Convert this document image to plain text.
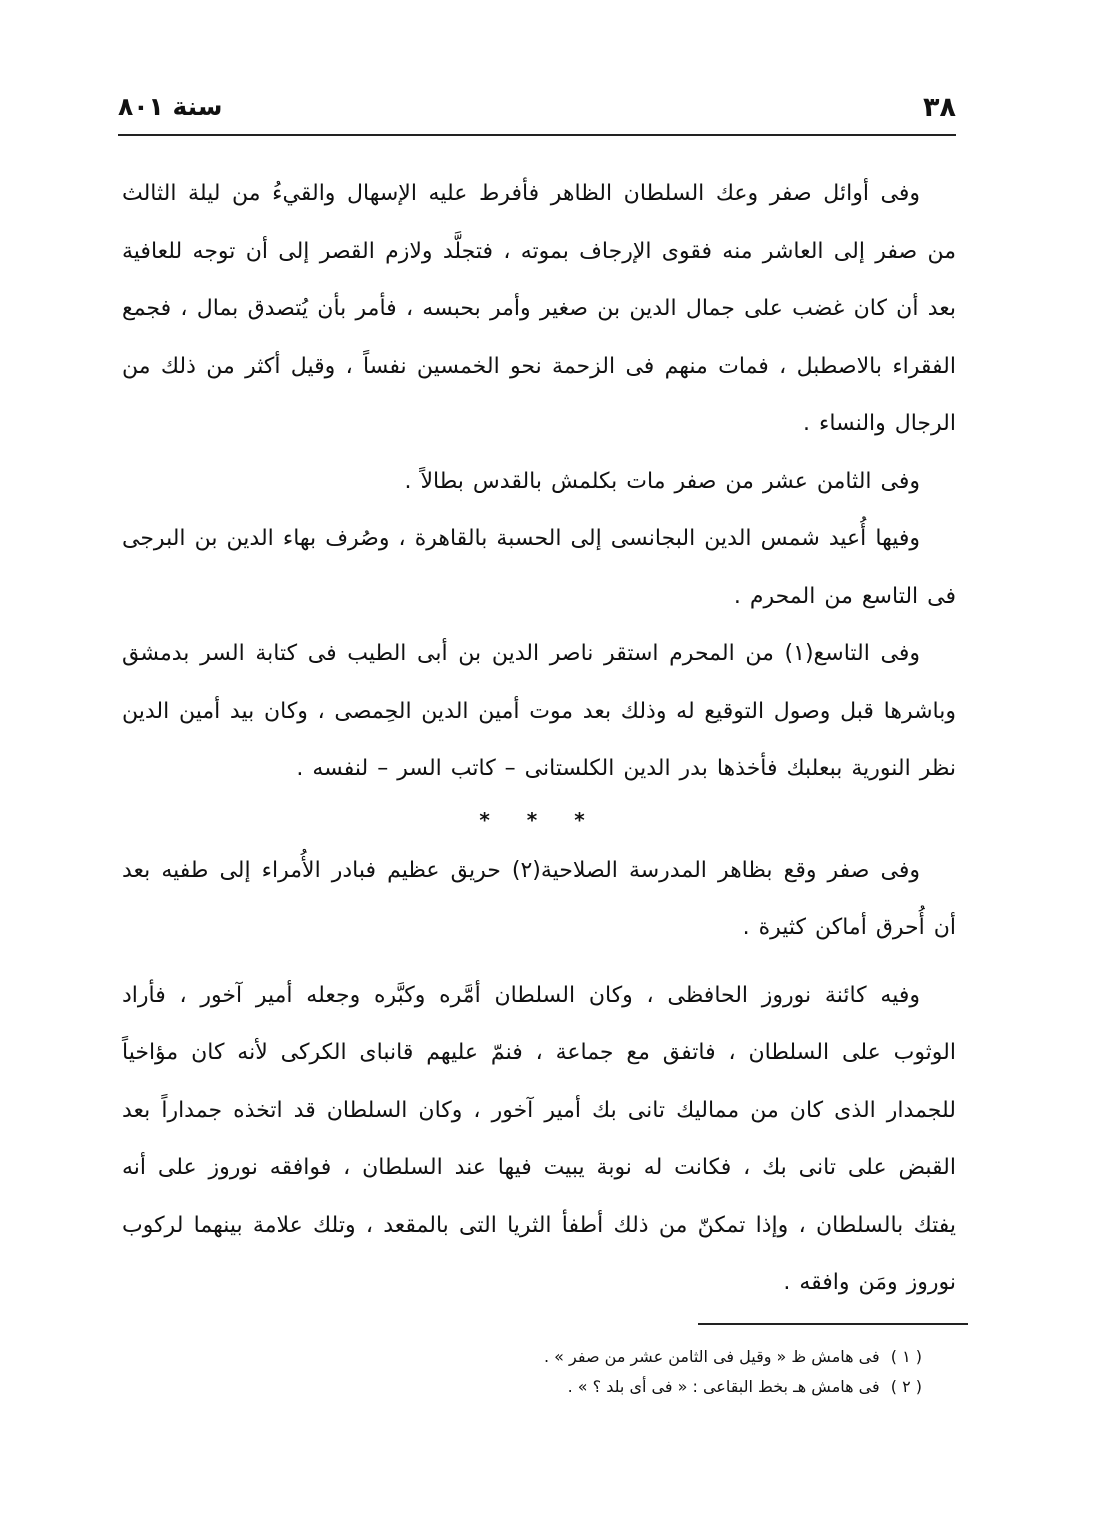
٣٨
سنة ٨٠١

وفى أوائل صفر وعك السلطان الظاهر فأفرط عليه الإسهال والقيءُ من ليلة الثالث من صفر إلى العاشر منه فقوى الإرجاف بموته ، فتجلَّد ولازم القصر إلى أن توجه للعافية بعد أن كان غضب على جمال الدين بن صغير وأمر بحبسه ، فأمر بأن يُتصدق بمال ، فجمع الفقراء بالاصطبل ، فمات منهم فى الزحمة نحو الخمسين نفساً ، وقيل أكثر من ذلك من الرجال والنساء .

وفى الثامن عشر من صفر مات بكلمش بالقدس بطالاً .

وفيها أُعيد شمس الدين البجانسى إلى الحسبة بالقاهرة ، وصُرف بهاء الدين بن البرجى فى التاسع من المحرم .

وفى التاسع(١) من المحرم استقر ناصر الدين بن أبى الطيب فى كتابة السر بدمشق وباشرها قبل وصول التوقيع له وذلك بعد موت أمين الدين الحِمصى ، وكان بيد أمين الدين نظر النورية ببعلبك فأخذها بدر الدين الكلستانى – كاتب السر – لنفسه .

* * *

وفى صفر وقع بظاهر المدرسة الصلاحية(٢) حريق عظيم فبادر الأُمراء إلى طفيه بعد أن أُحرق أماكن كثيرة .

وفيه كائنة نوروز الحافظى ، وكان السلطان أمَّره وكبَّره وجعله أمير آخور ، فأراد الوثوب على السلطان ، فاتفق مع جماعة ، فنمّ عليهم قانباى الكركى لأنه كان مؤاخياً للجمدار الذى كان من مماليك تانى بك أمير آخور ، وكان السلطان قد اتخذه جمداراً بعد القبض على تانى بك ، فكانت له نوبة يبيت فيها عند السلطان ، فوافقه نوروز على أنه يفتك بالسلطان ، وإذا تمكنّ من ذلك أطفأ الثريا التى بالمقعد ، وتلك علامة بينهما لركوب نوروز ومَن وافقه .

( ١ ) فى هامش ظ « وقيل فى الثامن عشر من صفر » .
( ٢ ) فى هامش هـ بخط البقاعى : « فى أى بلد ؟ » .
